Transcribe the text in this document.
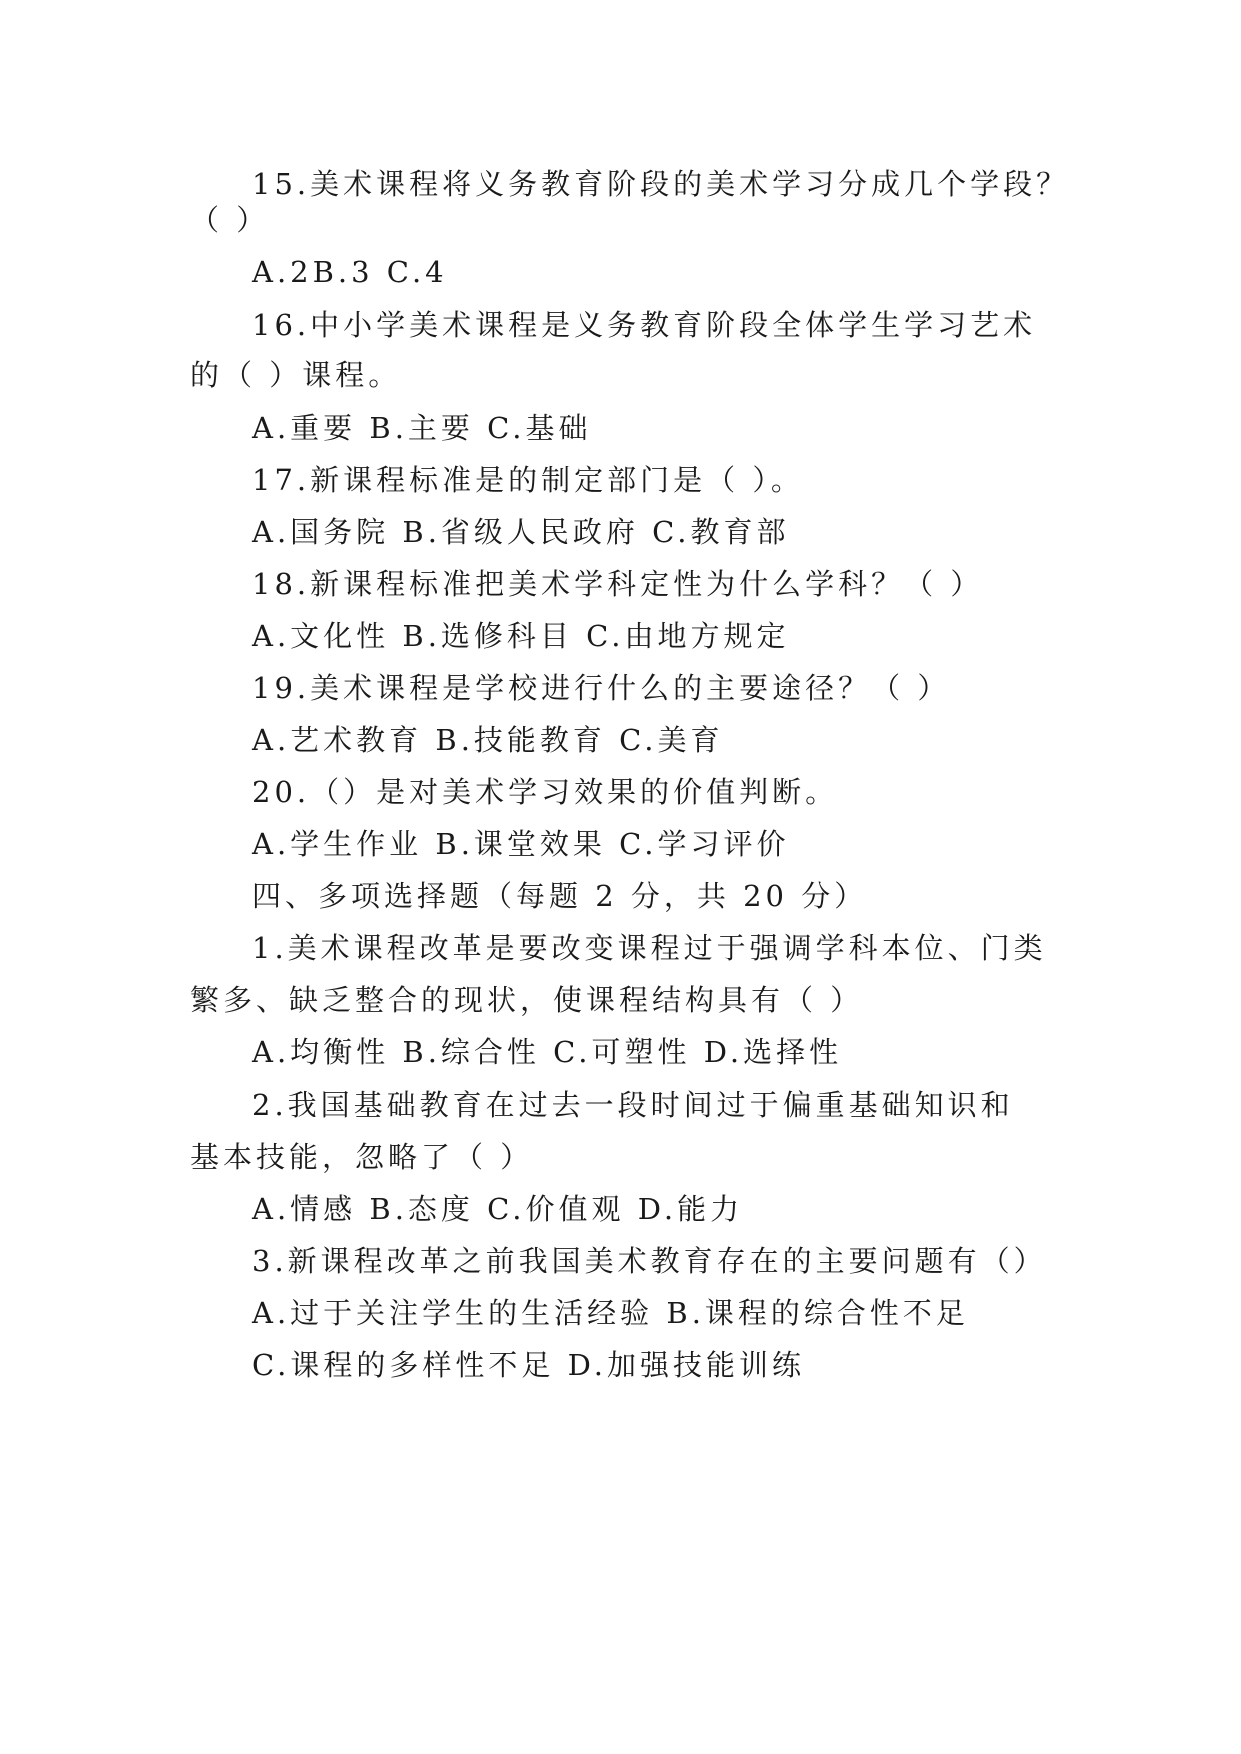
15.美术课程将义务教育阶段的美术学习分成几个学段？
（ ）
A.2B.3 C.4
16.中小学美术课程是义务教育阶段全体学生学习艺术
的（ ）课程。
A.重要 B.主要 C.基础
17.新课程标准是的制定部门是（ ）。
A.国务院 B.省级人民政府 C.教育部
18.新课程标准把美术学科定性为什么学科？（ ）
A.文化性 B.选修科目 C.由地方规定
19.美术课程是学校进行什么的主要途径？（ ）
A.艺术教育 B.技能教育 C.美育
20.（）是对美术学习效果的价值判断。
A.学生作业 B.课堂效果 C.学习评价
四、多项选择题（每题 2 分，共 20 分）
1.美术课程改革是要改变课程过于强调学科本位、门类
繁多、缺乏整合的现状，使课程结构具有（ ）
A.均衡性 B.综合性 C.可塑性 D.选择性
2.我国基础教育在过去一段时间过于偏重基础知识和
基本技能，忽略了（ ）
A.情感 B.态度 C.价值观 D.能力
3.新课程改革之前我国美术教育存在的主要问题有（）
A.过于关注学生的生活经验 B.课程的综合性不足
C.课程的多样性不足 D.加强技能训练
